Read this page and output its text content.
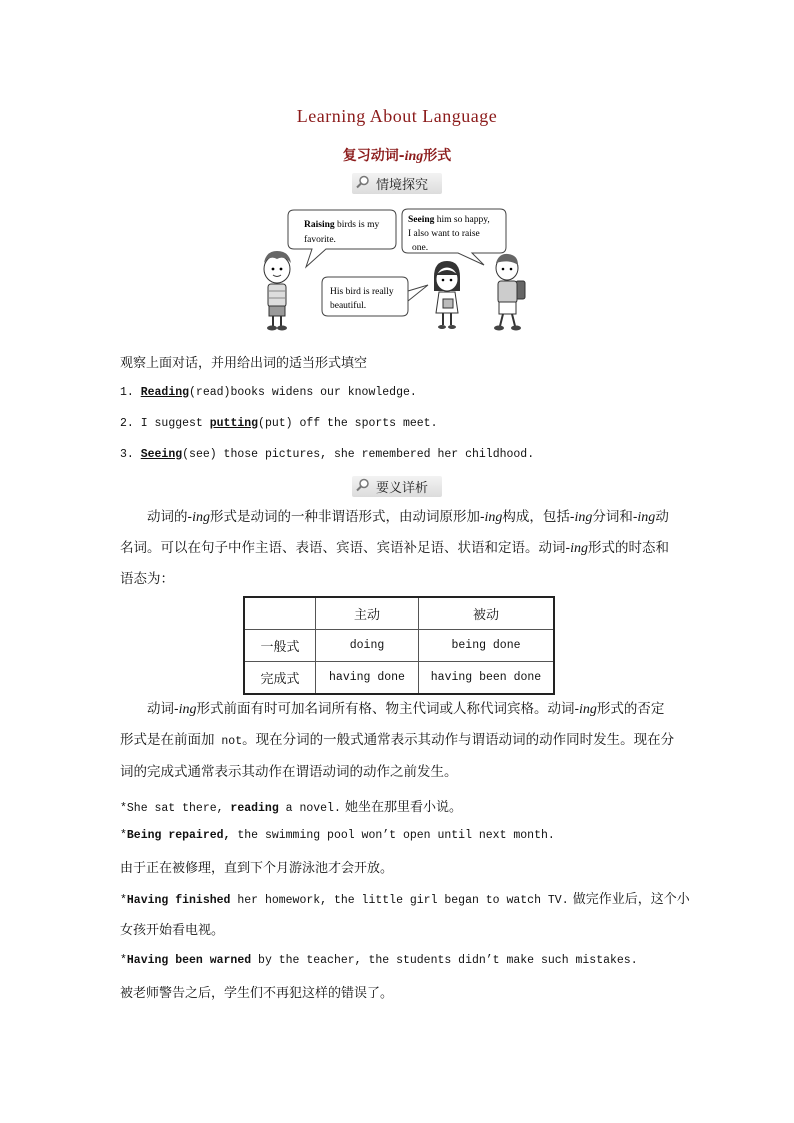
Learning About Language
复习动词-ing形式
情境探究
Raising birds is my
favorite.
Seeing him so happy,
I also want to raise
one.
His bird is really
beautiful.
观察上面对话，并用给出词的适当形式填空
1. Reading(read)books widens our knowledge.
2. I suggest putting(put) off the sports meet.
3. Seeing(see) those pictures, she remembered her childhood.
要义详析
动词的-ing形式是动词的一种非谓语形式，由动词原形加-ing构成，包括-ing分词和-ing动名词。可以在句子中作主语、表语、宾语、宾语补足语、状语和定语。动词-ing形式的时态和语态为：
	主动	被动
一般式	doing	being done
完成式	having done	having been done
动词-ing形式前面有时可加名词所有格、物主代词或人称代词宾格。动词-ing形式的否定形式是在前面加 not。现在分词的一般式通常表示其动作与谓语动词的动作同时发生。现在分词的完成式通常表示其动作在谓语动词的动作之前发生。
*She sat there, reading a novel. 她坐在那里看小说。
*Being repaired, the swimming pool won’t open until next month.
由于正在被修理，直到下个月游泳池才会开放。
*Having finished her homework, the little girl began to watch TV. 做完作业后，这个小
女孩开始看电视。
*Having been warned by the teacher, the students didn’t make such mistakes.
被老师警告之后，学生们不再犯这样的错误了。
